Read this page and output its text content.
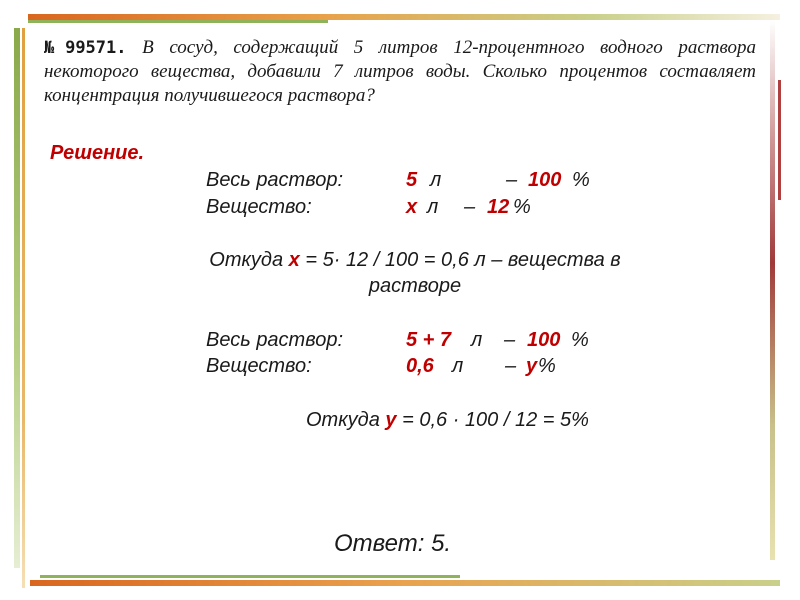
№99571. В сосуд, содержащий 5 литров 12-процентного водного раствора некоторого вещества, добавили 7 литров воды. Сколько процентов составляет концентрация получившегося раствора?
Решение.
Весь раствор:	5 л	– 100 %
Вещество:	x л – 12 %
Откуда x = 5· 12 / 100 = 0,6 л – вещества в
растворе
Весь раствор:	5 + 7 л – 100 %
Вещество:	0,6 л – y %
Откуда y = 0,6 · 100 / 12 = 5%
Ответ: 5.
